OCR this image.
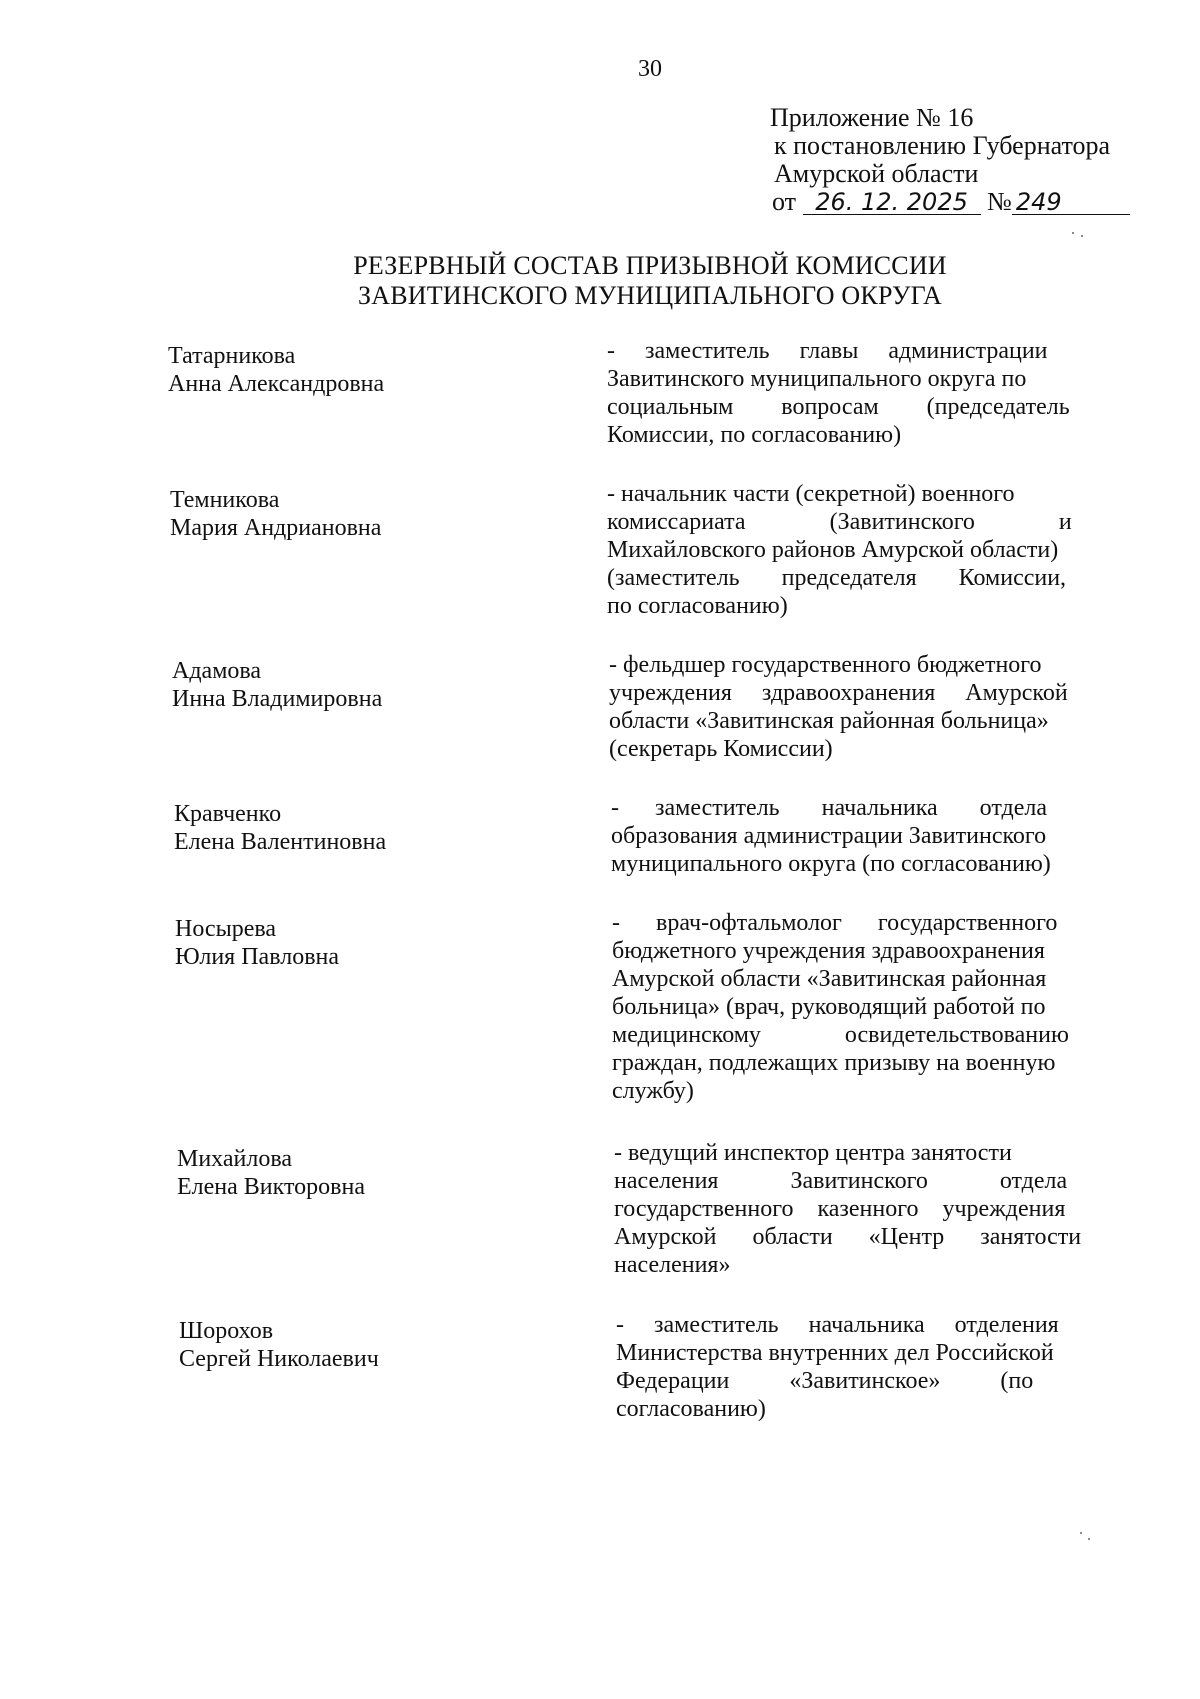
30
Приложение № 16
к постановлению Губернатора
Амурской области
от 26. 12. 2025 № 249
РЕЗЕРВНЫЙ СОСТАВ ПРИЗЫВНОЙ КОМИССИИ
ЗАВИТИНСКОГО МУНИЦИПАЛЬНОГО ОКРУГА
Татарникова
Анна Александровна

-     заместитель     главы     администрации

Завитинского муниципального округа по

социальным        вопросам        (председатель

Комиссии, по согласованию)

Темникова
Мария Андриановна

- начальник части (секретной) военного

комиссариата              (Завитинского              и

Михайловского районов Амурской области)

(заместитель       председателя       Комиссии,

по согласованию)

Адамова
Инна Владимировна

- фельдшер государственного бюджетного

учреждения     здравоохранения     Амурской

области «Завитинская районная больница»

(секретарь Комиссии)

Кравченко
Елена Валентиновна

-      заместитель       начальника       отдела

образования администрации Завитинского

муниципального округа (по согласованию)

Носырева
Юлия Павловна

-      врач-офтальмолог      государственного

бюджетного учреждения здравоохранения

Амурской области «Завитинская районная

больница» (врач, руководящий работой по

медицинскому              освидетельствованию

граждан, подлежащих призыву на военную

службу)

Михайлова
Елена Викторовна

- ведущий инспектор центра занятости

населения            Завитинского            отдела

государственного    казенного    учреждения

Амурской      области      «Центр      занятости

населения»

Шорохов
Сергей Николаевич

-     заместитель     начальника     отделения

Министерства внутренних дел Российской

Федерации          «Завитинское»          (по

согласованию)
